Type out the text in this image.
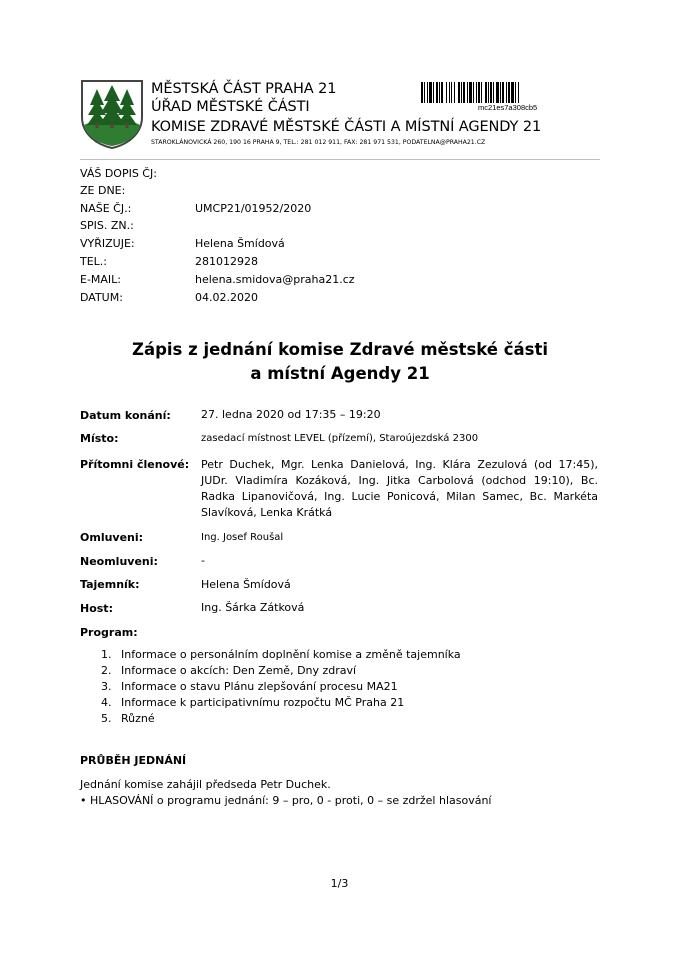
MĚSTSKÁ ČÁST PRAHA 21
ÚŘAD MĚSTSKÉ ČÁSTI
KOMISE ZDRAVÉ MĚSTSKÉ ČÁSTI A MÍSTNÍ AGENDY 21
STAROKLÁNOVICKÁ 260, 190 16 PRAHA 9, TEL.: 281 012 911, FAX: 281 971 531, PODATELNA@PRAHA21.CZ
mc21es7a308cb5
VÁŠ DOPIS ČJ:
ZE DNE:
NAŠE ČJ.:	UMCP21/01952/2020
SPIS. ZN.:
VYŘIZUJE:	Helena Šmídová
TEL.:	281012928
E-MAIL:	helena.smidova@praha21.cz
DATUM:	04.02.2020
Zápis z jednání komise Zdravé městské části
a místní Agendy 21
Datum konání:	27. ledna 2020 od 17:35 – 19:20
Místo:	zasedací místnost LEVEL (přízemí), Staroújezdská 2300
Přítomni členové:	Petr Duchek, Mgr. Lenka Danielová, Ing. Klára Zezulová (od 17:45), JUDr. Vladimíra Kozáková, Ing. Jitka Carbolová (odchod 19:10), Bc. Radka Lipanovičová, Ing. Lucie Ponicová, Milan Samec, Bc. Markéta Slavíková, Lenka Krátká
Omluveni:	Ing. Josef Roušal
Neomluveni:	-
Tajemník:	Helena Šmídová
Host:	Ing. Šárka Zátková
Program:
1. Informace o personálním doplnění komise a změně tajemníka
2. Informace o akcích: Den Země, Dny zdraví
3. Informace o stavu Plánu zlepšování procesu MA21
4. Informace k participativnímu rozpočtu MČ Praha 21
5. Různé
PRŮBĚH JEDNÁNÍ
Jednání komise zahájil předseda Petr Duchek.
• HLASOVÁNÍ o programu jednání: 9 – pro, 0 - proti, 0 – se zdržel hlasování
1/3
